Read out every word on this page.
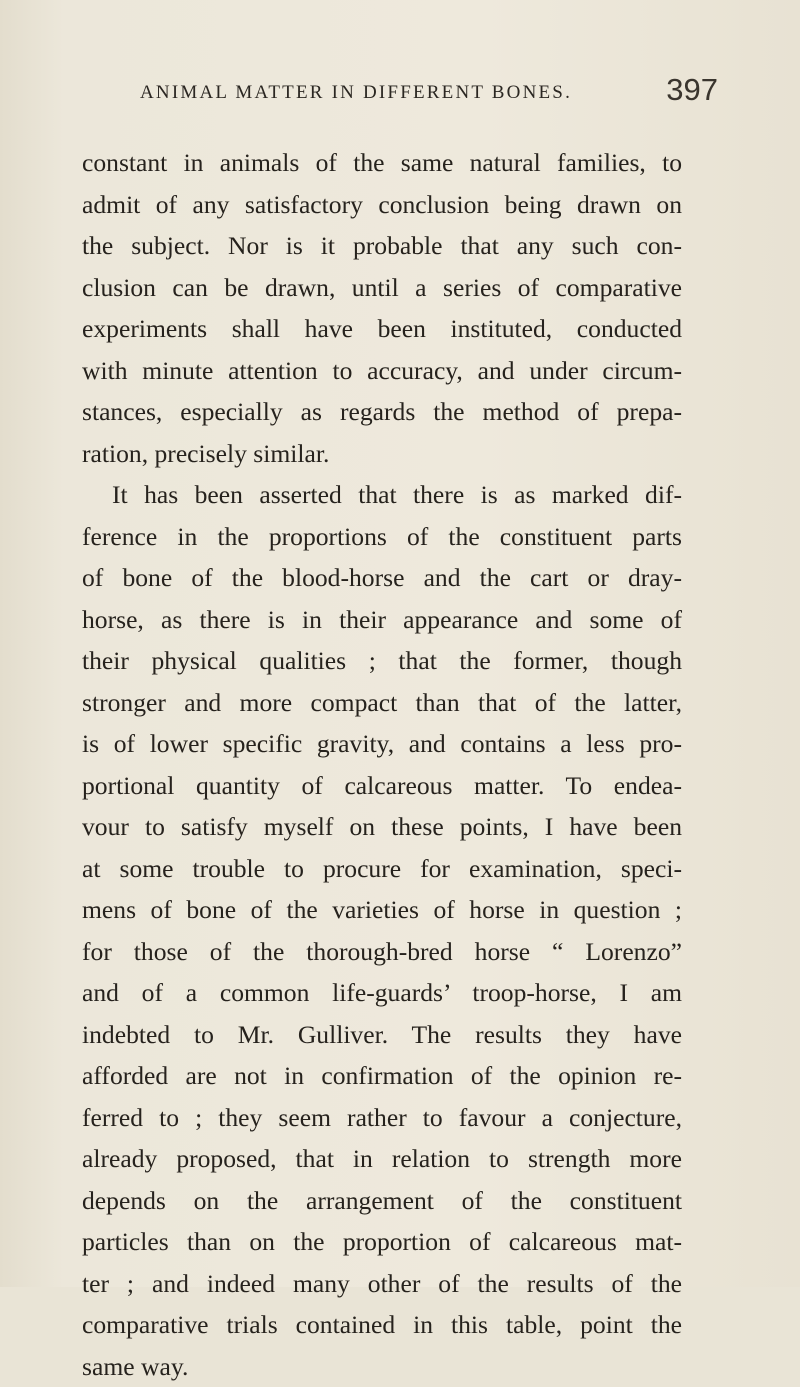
ANIMAL MATTER IN DIFFERENT BONES.	397
constant in animals of the same natural families, to
admit of any satisfactory conclusion being drawn on
the subject. Nor is it probable that any such con-
clusion can be drawn, until a series of comparative
experiments shall have been instituted, conducted
with minute attention to accuracy, and under circum-
stances, especially as regards the method of prepa-
ration, precisely similar.
It has been asserted that there is as marked dif-
ference in the proportions of the constituent parts
of bone of the blood-horse and the cart or dray-
horse, as there is in their appearance and some of
their physical qualities ; that the former, though
stronger and more compact than that of the latter,
is of lower specific gravity, and contains a less pro-
portional quantity of calcareous matter. To endea-
vour to satisfy myself on these points, I have been
at some trouble to procure for examination, speci-
mens of bone of the varieties of horse in question ;
for those of the thorough-bred horse “ Lorenzo”
and of a common life-guards’ troop-horse, I am
indebted to Mr. Gulliver. The results they have
afforded are not in confirmation of the opinion re-
ferred to ; they seem rather to favour a conjecture,
already proposed, that in relation to strength more
depends on the arrangement of the constituent
particles than on the proportion of calcareous mat-
ter ; and indeed many other of the results of the
comparative trials contained in this table, point the
same way.
